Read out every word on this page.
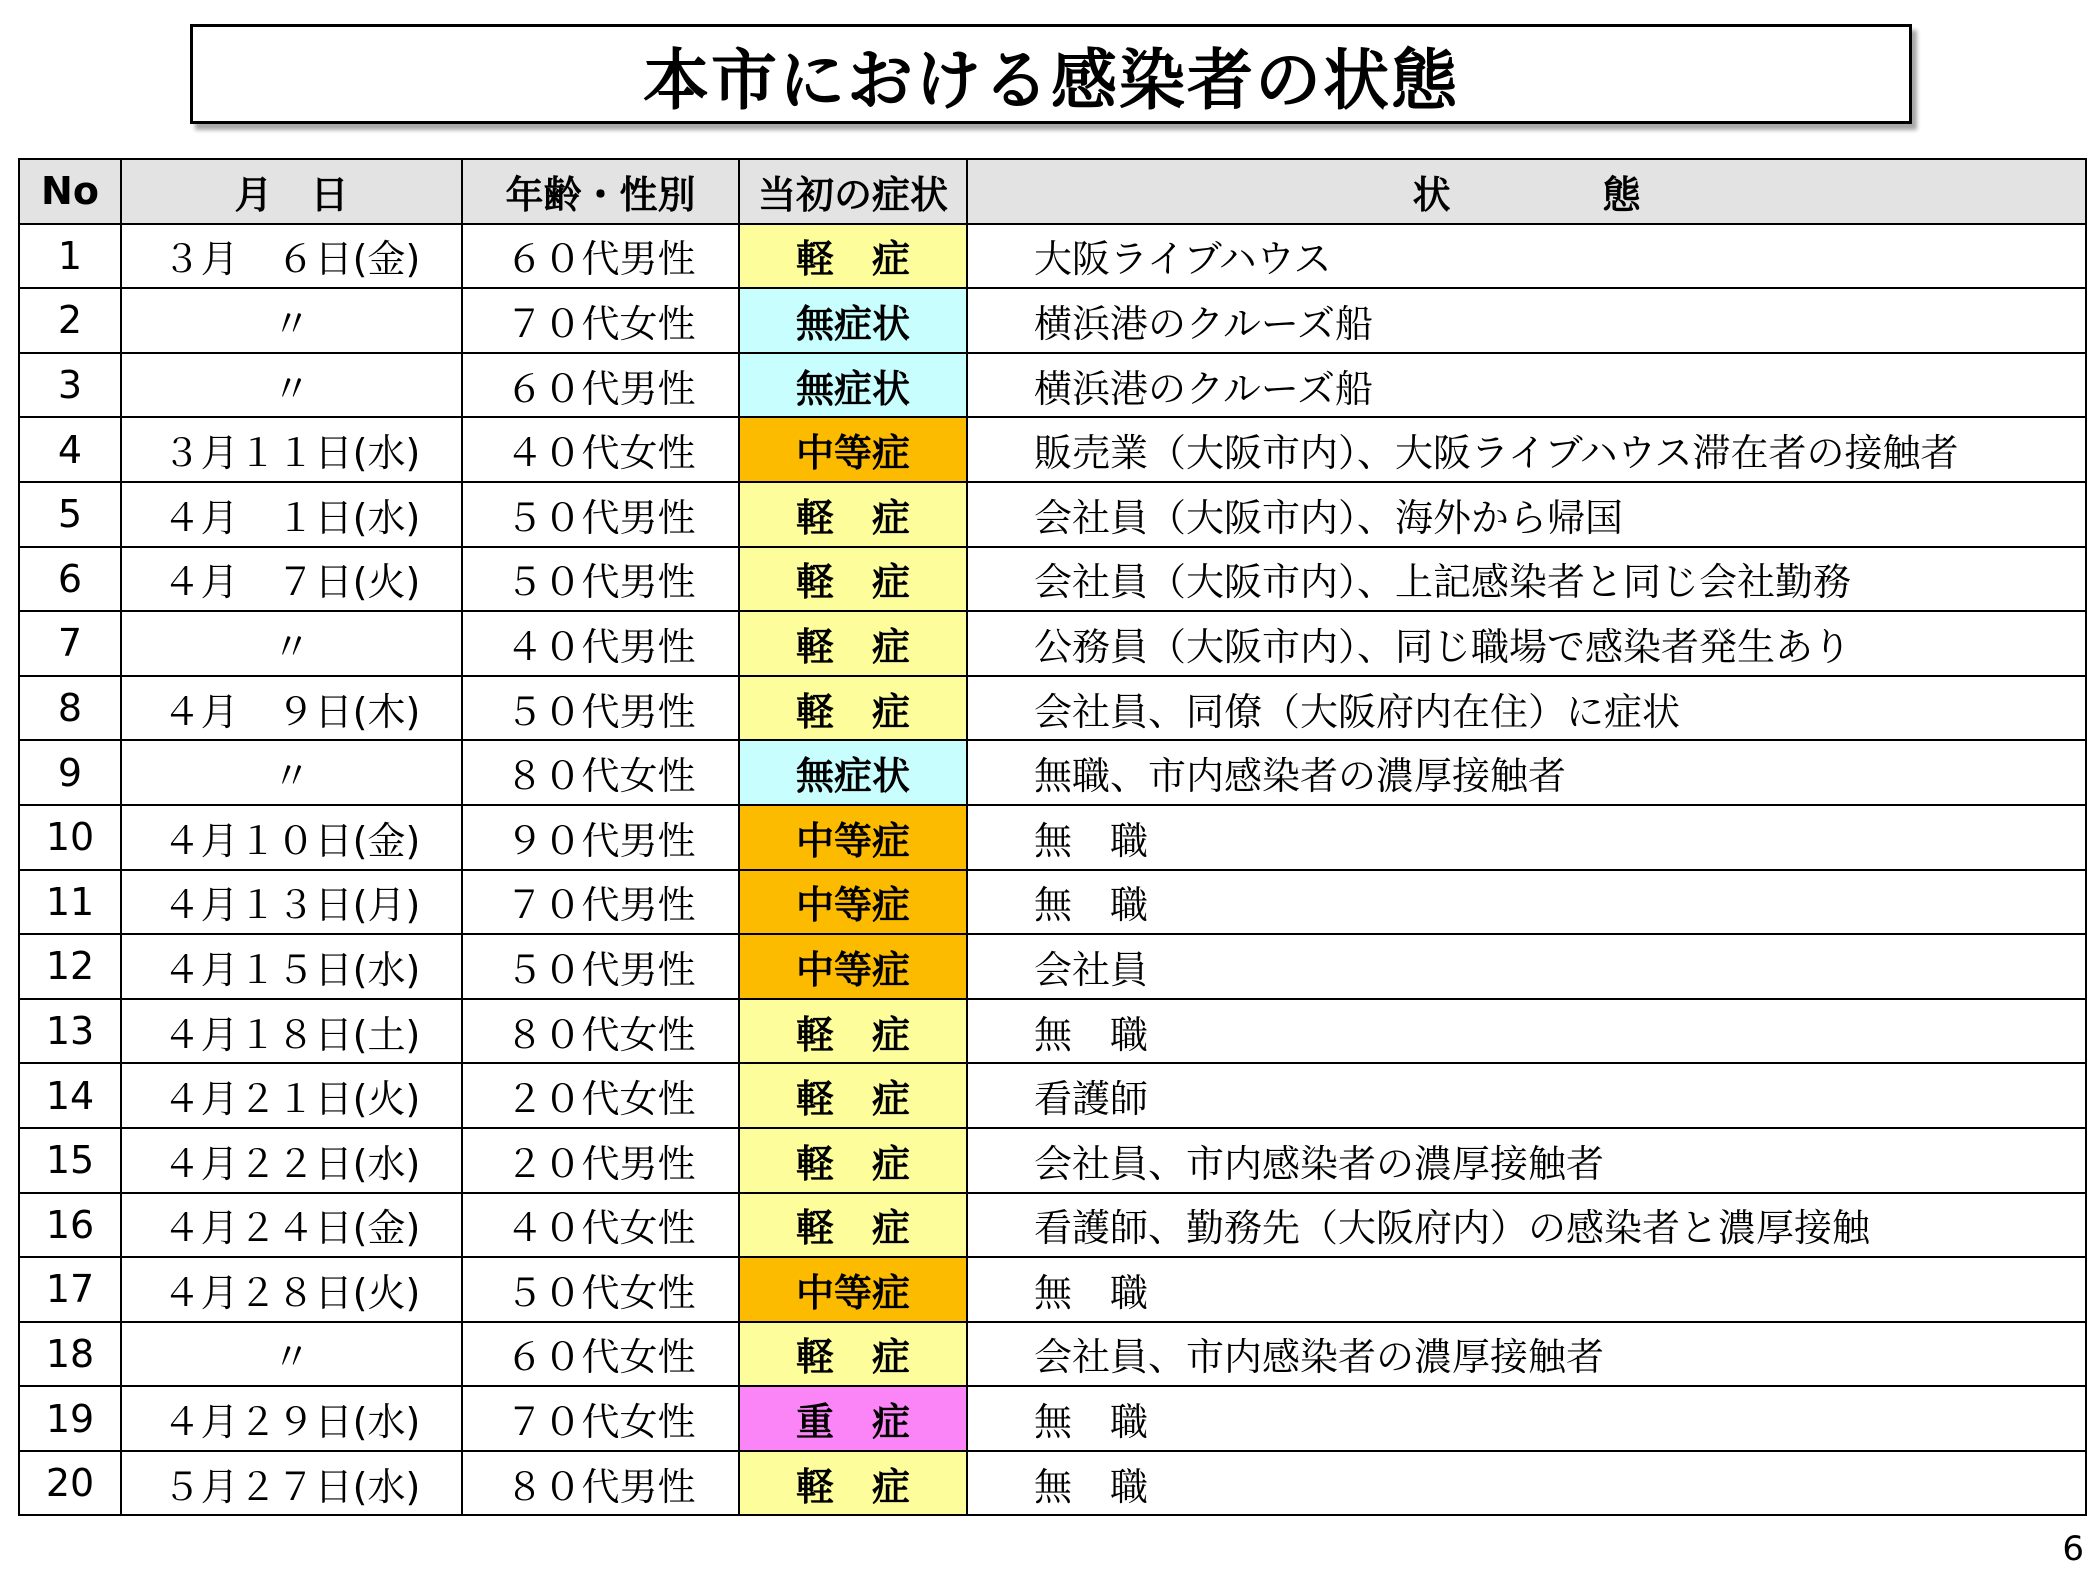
本市における感染者の状態
No	月　日	年齢・性別	当初の症状	状　　　　態
1	３月　６日(金)	６０代男性	軽　症	大阪ライブハウス
2	〃	７０代女性	無症状	横浜港のクルーズ船
3	〃	６０代男性	無症状	横浜港のクルーズ船
4	３月１１日(水)	４０代女性	中等症	販売業（大阪市内）、大阪ライブハウス滞在者の接触者
5	４月　１日(水)	５０代男性	軽　症	会社員（大阪市内）、海外から帰国
6	４月　７日(火)	５０代男性	軽　症	会社員（大阪市内）、上記感染者と同じ会社勤務
7	〃	４０代男性	軽　症	公務員（大阪市内）、同じ職場で感染者発生あり
8	４月　９日(木)	５０代男性	軽　症	会社員、同僚（大阪府内在住）に症状
9	〃	８０代女性	無症状	無職、市内感染者の濃厚接触者
10	４月１０日(金)	９０代男性	中等症	無　職
11	４月１３日(月)	７０代男性	中等症	無　職
12	４月１５日(水)	５０代男性	中等症	会社員
13	４月１８日(土)	８０代女性	軽　症	無　職
14	４月２１日(火)	２０代女性	軽　症	看護師
15	４月２２日(水)	２０代男性	軽　症	会社員、市内感染者の濃厚接触者
16	４月２４日(金)	４０代女性	軽　症	看護師、勤務先（大阪府内）の感染者と濃厚接触
17	４月２８日(火)	５０代女性	中等症	無　職
18	〃	６０代女性	軽　症	会社員、市内感染者の濃厚接触者
19	４月２９日(水)	７０代女性	重　症	無　職
20	５月２７日(水)	８０代男性	軽　症	無　職
6
